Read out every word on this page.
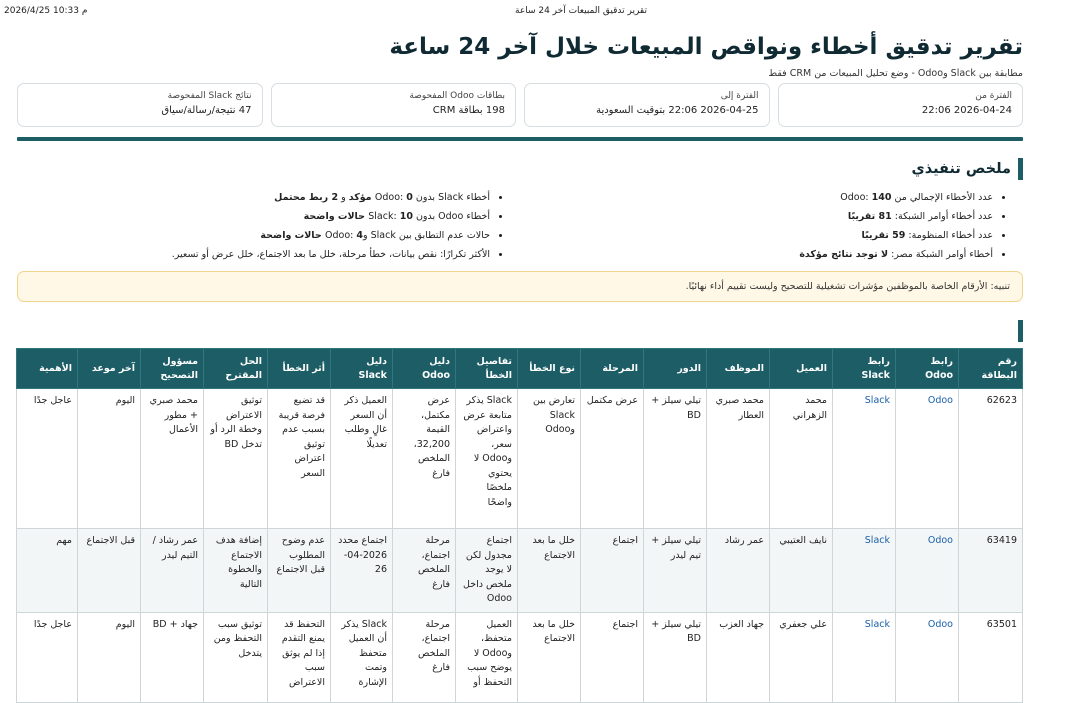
2026/4/25 10:33 م	تقرير تدقيق المبيعات آخر 24 ساعة
تقرير تدقيق أخطاء ونواقص المبيعات خلال آخر 24 ساعة
مطابقة بين Slack وOdoo - وضع تحليل المبيعات من CRM فقط
الفترة من
2026-04-24 22:06
الفترة إلى
2026-04-25 22:06 بتوقيت السعودية
بطاقات Odoo المفحوصة
198 بطاقة CRM
نتائج Slack المفحوصة
47 نتيجة/رسالة/سياق
ملخص تنفيذي
• عدد الأخطاء الإجمالي من Odoo: 140
• عدد أخطاء أوامر الشبكة: 81 تقريبًا
• عدد أخطاء المنظومة: 59 تقريبًا
• أخطاء أوامر الشبكة مصر: لا توجد نتائج مؤكدة
• أخطاء Slack بدون Odoo: 0 مؤكد و 2 ربط محتمل
• أخطاء Odoo بدون Slack: 10 حالات واضحة
• حالات عدم التطابق بين Slack وOdoo: 4 حالات واضحة
• الأكثر تكرارًا: نقص بيانات، خطأ مرحلة، خلل ما بعد الاجتماع، خلل عرض أو تسعير.
تنبيه: الأرقام الخاصة بالموظفين مؤشرات تشغيلية للتصحيح وليست تقييم أداء نهائيًا.
رقم البطاقة	رابط Odoo	رابط Slack	العميل	الموظف	الدور	المرحلة	نوع الخطأ	تفاصيل الخطأ	دليل Odoo	دليل Slack	أثر الخطأ	الحل المقترح	مسؤول التصحيح	آخر موعد	الأهمية
62623	Odoo	Slack	محمد الزهراني	محمد صبري العطار	تيلي سيلز + BD	عرض مكتمل	تعارض بين Slack وOdoo	Slack يذكر متابعة عرض واعتراض سعر، وOdoo لا يحتوي ملخصًا واضحًا	عرض مكتمل، القيمة 32,200، الملخص فارغ	العميل ذكر أن السعر غالٍ وطلب تعديلًا	قد تضيع فرصة قريبة بسبب عدم توثيق اعتراض السعر	توثيق الاعتراض وخطة الرد أو تدخل BD	محمد صبري + مطور الأعمال	اليوم	عاجل جدًا
63419	Odoo	Slack	نايف العتيبي	عمر رشاد	تيلي سيلز + تيم ليدر	اجتماع	خلل ما بعد الاجتماع	اجتماع مجدول لكن لا يوجد ملخص داخل Odoo	مرحلة اجتماع، الملخص فارغ	اجتماع محدد 2026-04-26	عدم وضوح المطلوب قبل الاجتماع	إضافة هدف الاجتماع والخطوة التالية	عمر رشاد / التيم ليدر	قبل الاجتماع	مهم
63501	Odoo	Slack	علي جعفري	جهاد العزب	تيلي سيلز + BD	اجتماع	خلل ما بعد الاجتماع	العميل متحفظ، وOdoo لا يوضح سبب التحفظ أو	مرحلة اجتماع، الملخص فارغ	Slack يذكر أن العميل متحفظ وتمت الإشارة	التحفظ قد يمنع التقدم إذا لم يوثق سبب الاعتراض	توثيق سبب التحفظ ومن يتدخل	جهاد + BD	اليوم	عاجل جدًا
